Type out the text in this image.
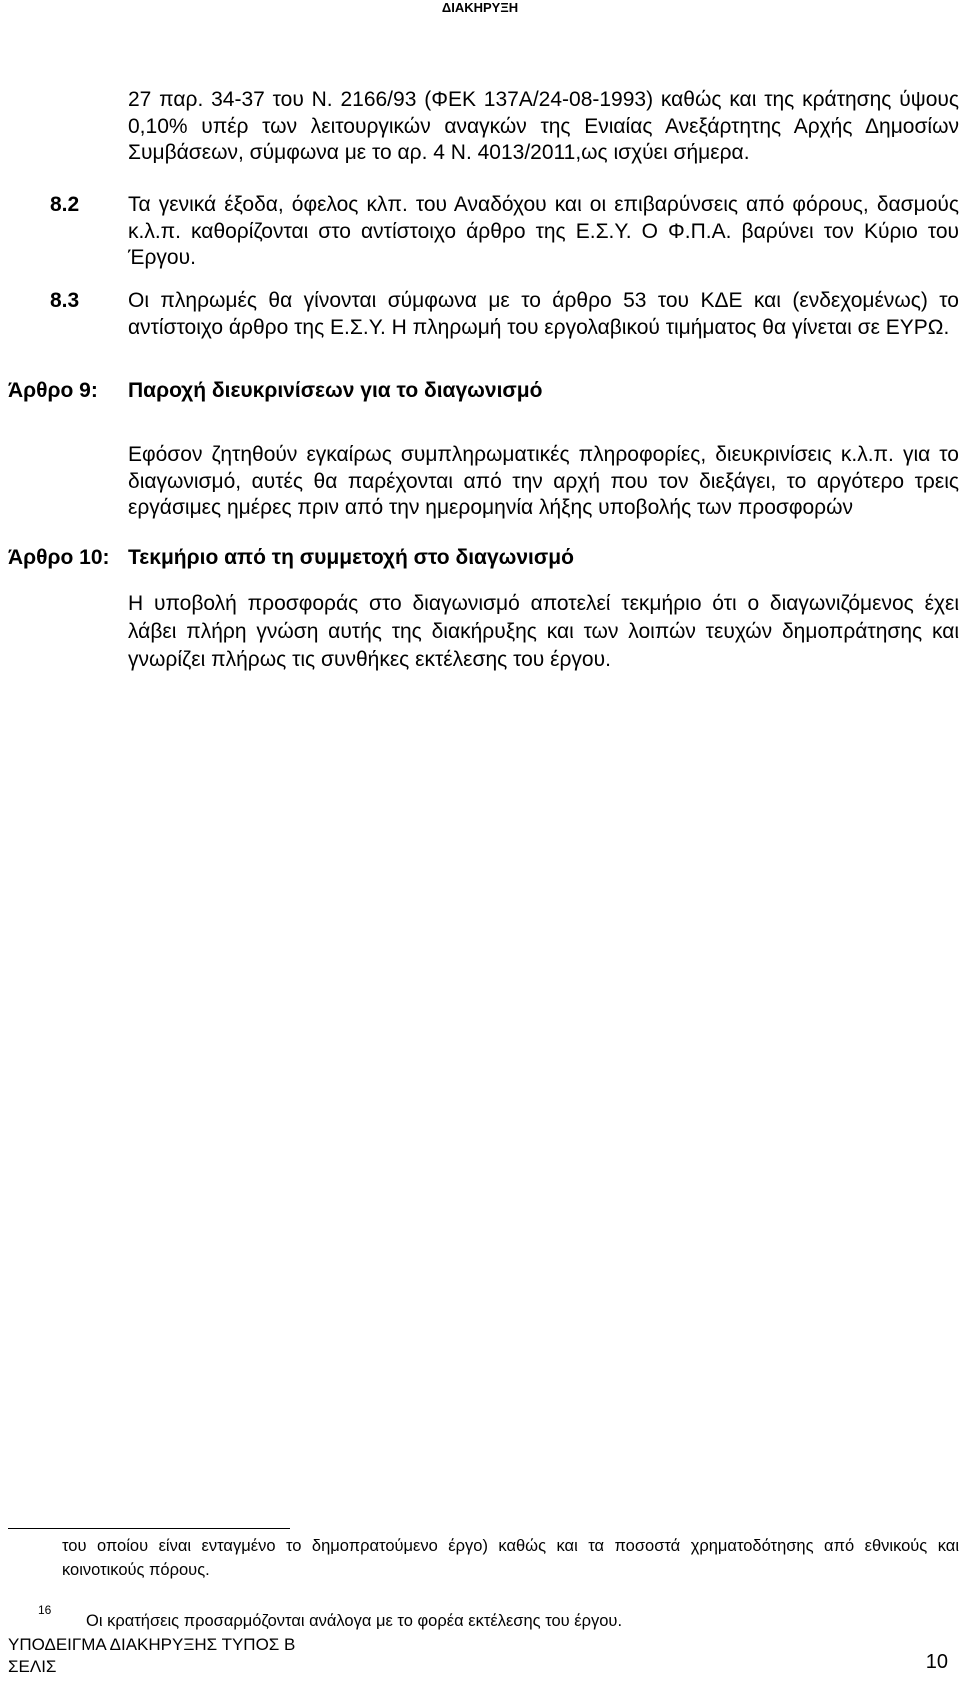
ΔΙΑΚΗΡΥΞΗ
27 παρ. 34-37 του Ν. 2166/93 (ΦΕΚ 137Α/24-08-1993) καθώς και της κράτησης ύψους 0,10% υπέρ των λειτουργικών αναγκών της Ενιαίας Ανεξάρτητης Αρχής Δημοσίων Συμβάσεων, σύμφωνα με το αρ. 4 Ν. 4013/2011,ως ισχύει σήμερα.
8.2 Τα γενικά έξοδα, όφελος κλπ. του Αναδόχου και οι επιβαρύνσεις από φόρους, δασμούς κ.λ.π. καθορίζονται στο αντίστοιχο άρθρο της Ε.Σ.Υ. Ο Φ.Π.Α. βαρύνει τον Κύριο του Έργου.
8.3 Οι πληρωμές θα γίνονται σύμφωνα με το άρθρο 53 του ΚΔΕ και (ενδεχομένως) το αντίστοιχο άρθρο της Ε.Σ.Υ. Η πληρωμή του εργολαβικού τιμήματος θα γίνεται σε ΕΥΡΩ.
Άρθρο 9: Παροχή διευκρινίσεων για το διαγωνισμό
Εφόσον ζητηθούν εγκαίρως συμπληρωματικές πληροφορίες, διευκρινίσεις κ.λ.π. για το διαγωνισμό, αυτές θα παρέχονται από την αρχή που τον διεξάγει, το αργότερο τρεις εργάσιμες ημέρες πριν από την ημερομηνία λήξης υποβολής των προσφορών
Άρθρο 10: Τεκμήριο από τη συμμετοχή στο διαγωνισμό
Η υποβολή προσφοράς στο διαγωνισμό αποτελεί τεκμήριο ότι ο διαγωνιζόμενος έχει λάβει πλήρη γνώση αυτής της διακήρυξης και των λοιπών τευχών δημοπράτησης και γνωρίζει πλήρως τις συνθήκες εκτέλεσης του έργου.
του οποίου είναι ενταγμένο το δημοπρατούμενο έργο) καθώς και τα ποσοστά χρηματοδότησης από εθνικούς και κοινοτικούς πόρους.
16
Οι κρατήσεις προσαρμόζονται ανάλογα με το φορέα εκτέλεσης του έργου.
ΥΠΟΔΕΙΓΜΑ ΔΙΑΚΗΡΥΞΗΣ ΤΥΠΟΣ Β
ΣΕΛΙΣ	10
